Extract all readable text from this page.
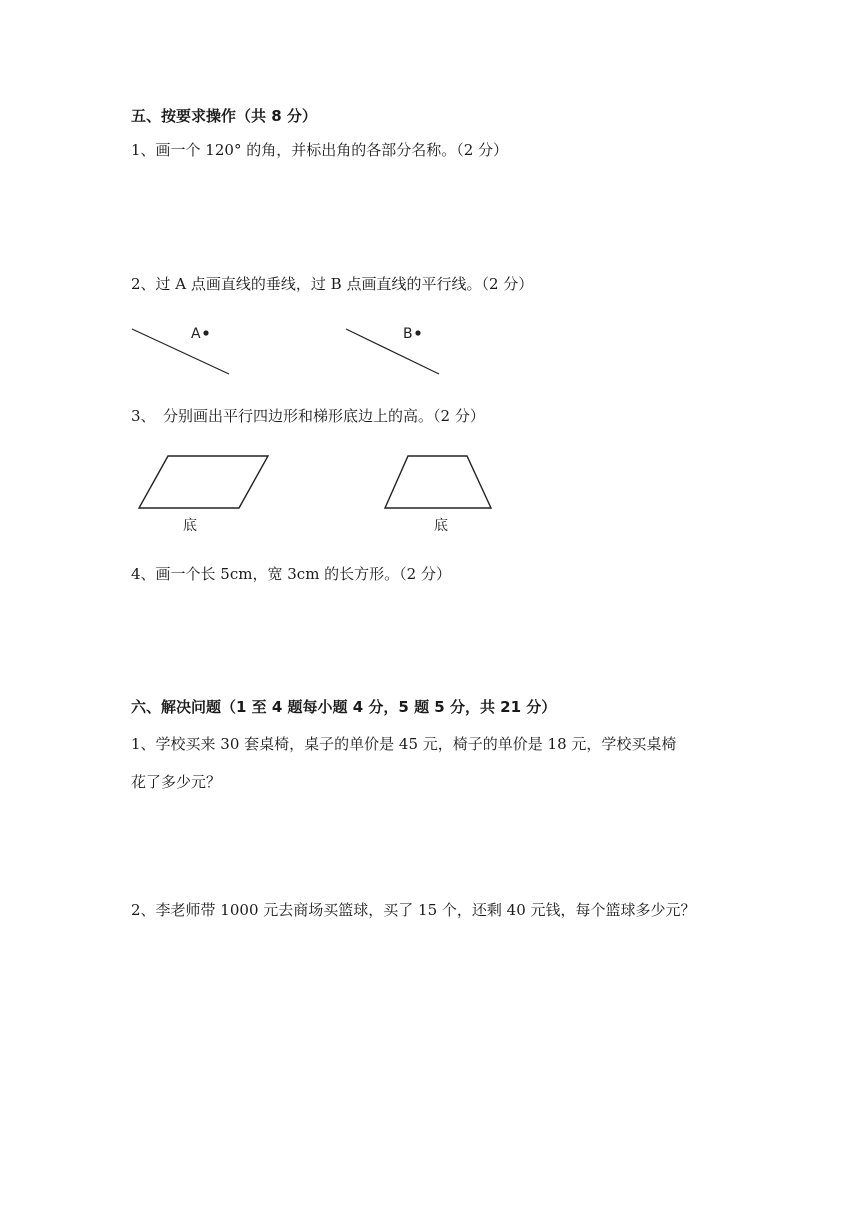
五、按要求操作（共 8 分）

1、画一个 120° 的角，并标出角的各部分名称。（2 分）

2、过 A 点画直线的垂线，过 B 点画直线的平行线。（2 分）

A	B

3、　分别画出平行四边形和梯形底边上的高。（2 分）

底	底

4、画一个长 5cm，宽 3cm 的长方形。（2 分）

六、解决问题（1 至 4 题每小题 4 分，5 题 5 分，共 21 分）

1、学校买来 30 套桌椅，桌子的单价是 45 元，椅子的单价是 18 元，学校买桌椅

花了多少元？

2、李老师带 1000 元去商场买篮球，买了 15 个，还剩 40 元钱，每个篮球多少元？
